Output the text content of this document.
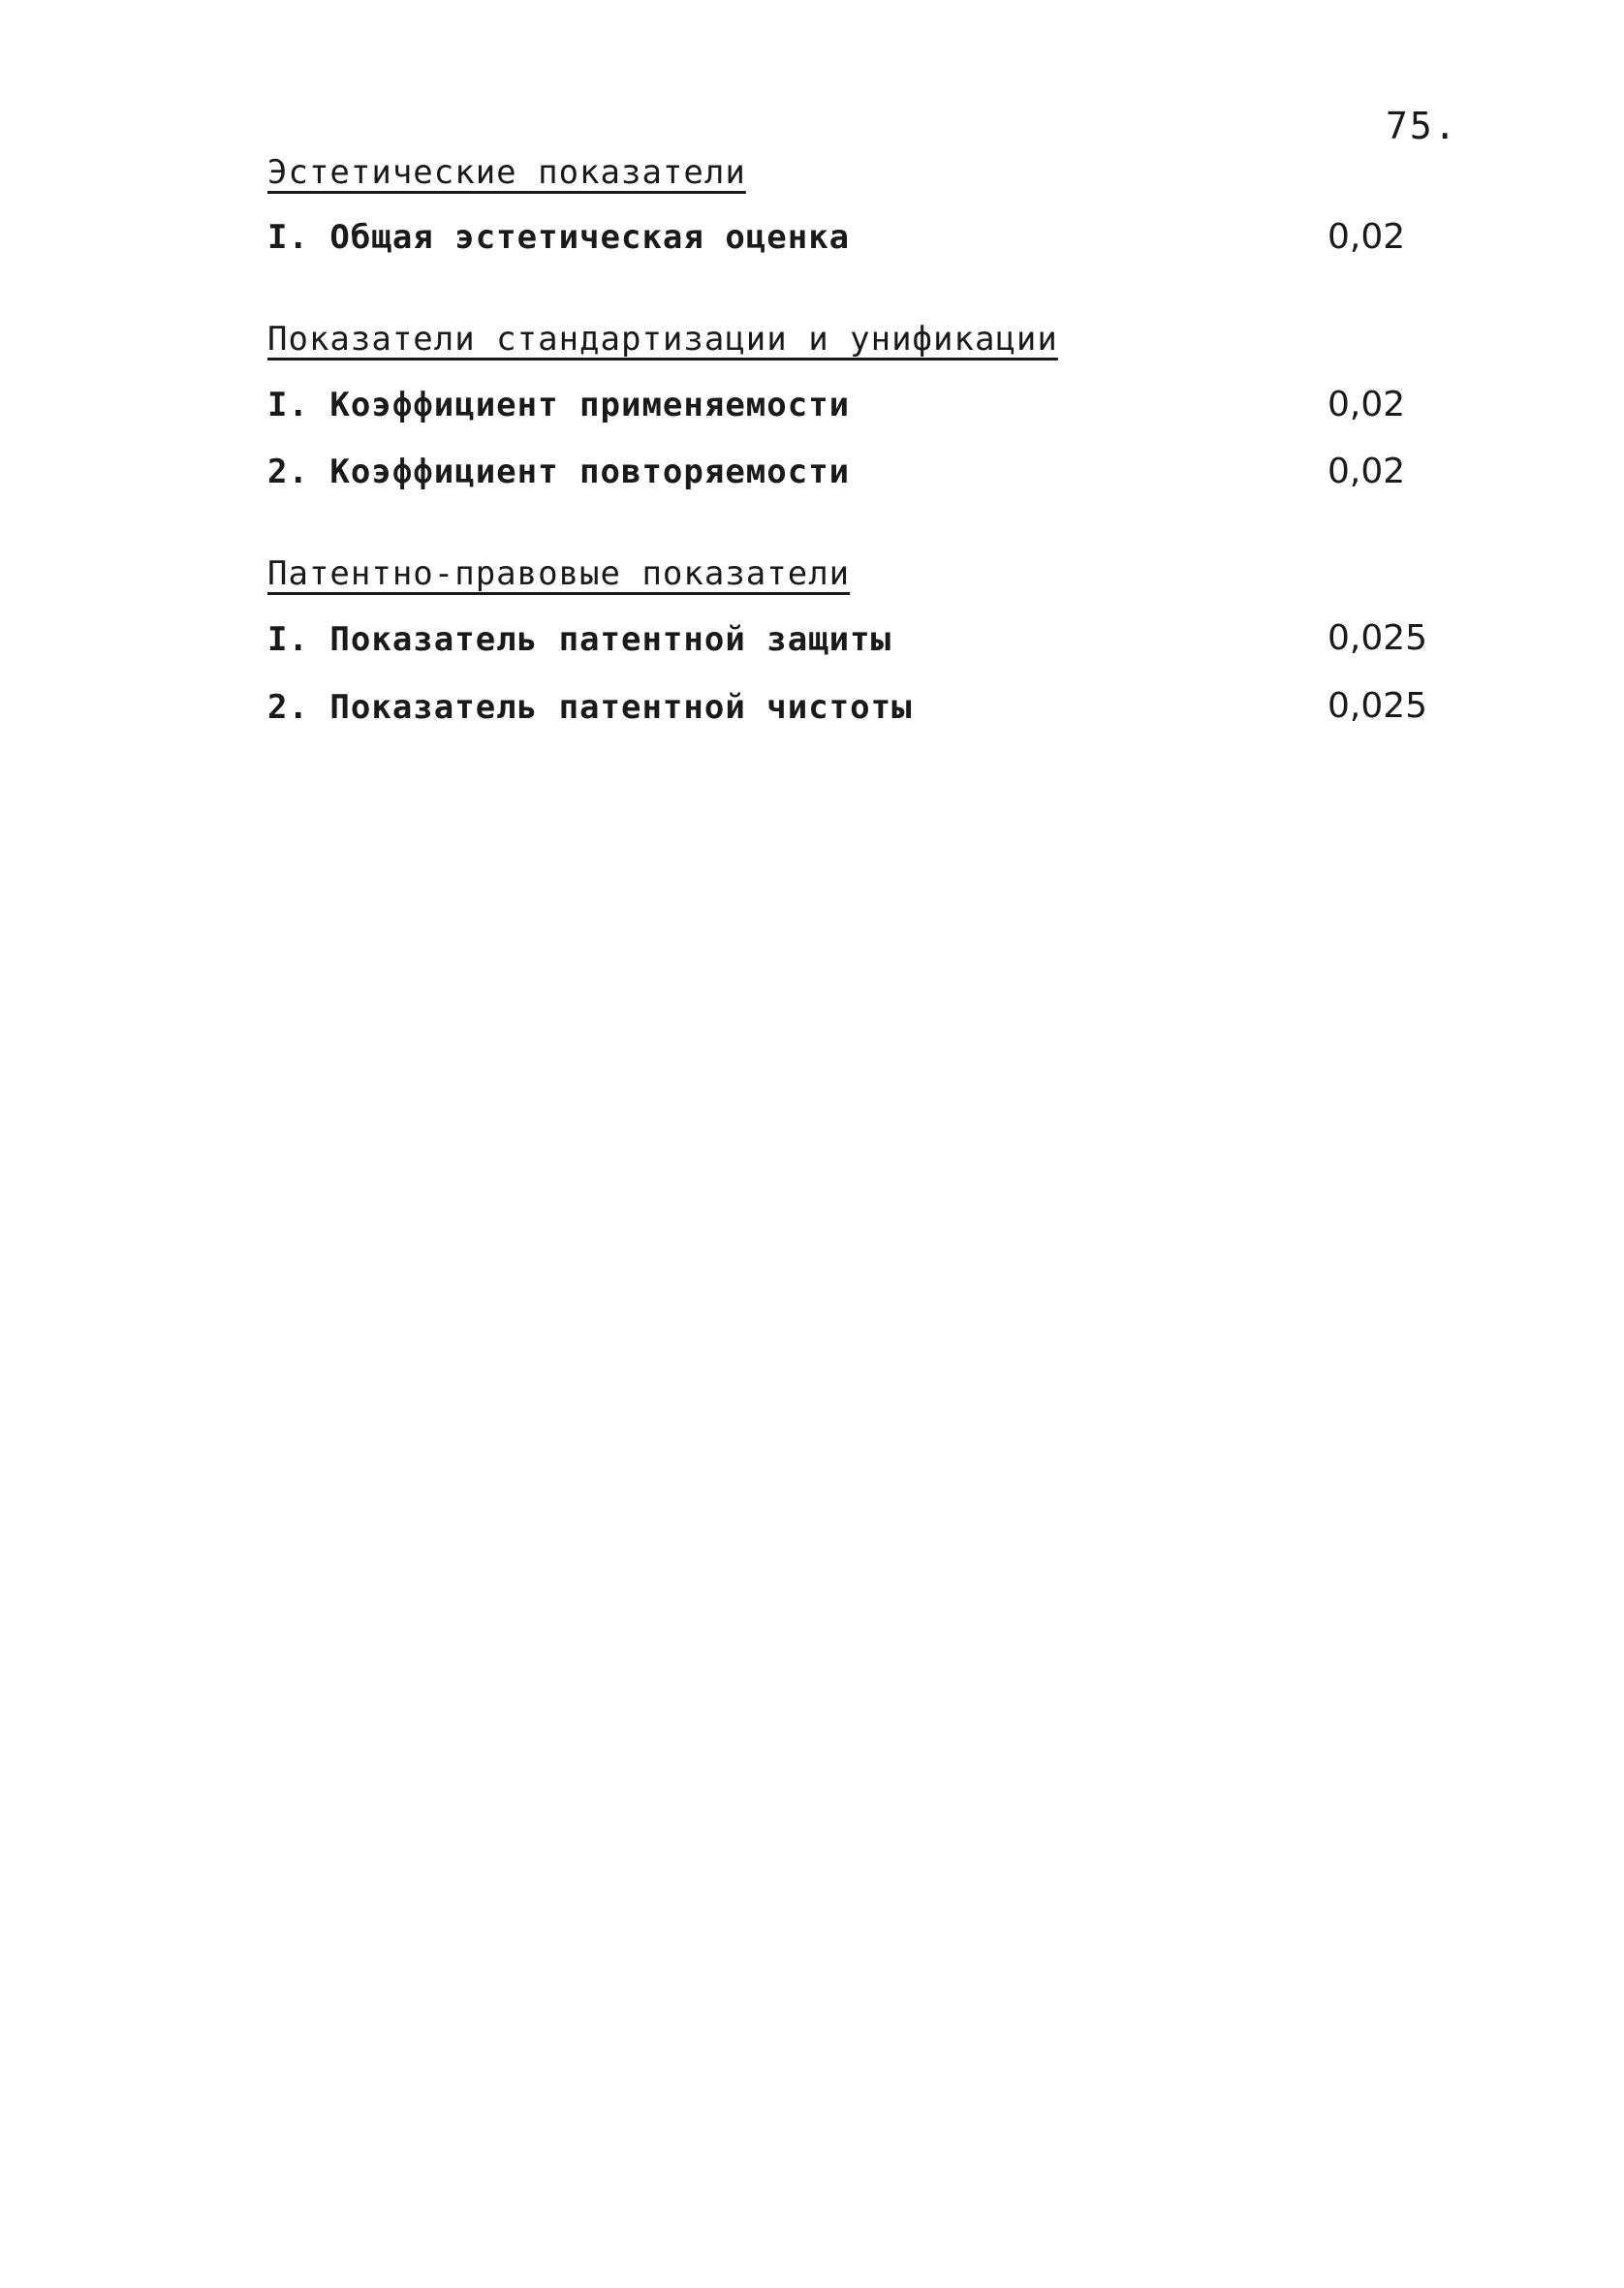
75.
Эстетические показатели
I. Общая эстетическая оценка	0,02
Показатели стандартизации и унификации
I. Коэффициент применяемости	0,02
2. Коэффициент повторяемости	0,02
Патентно-правовые показатели
I. Показатель патентной защиты	0,025
2. Показатель патентной чистоты	0,025
